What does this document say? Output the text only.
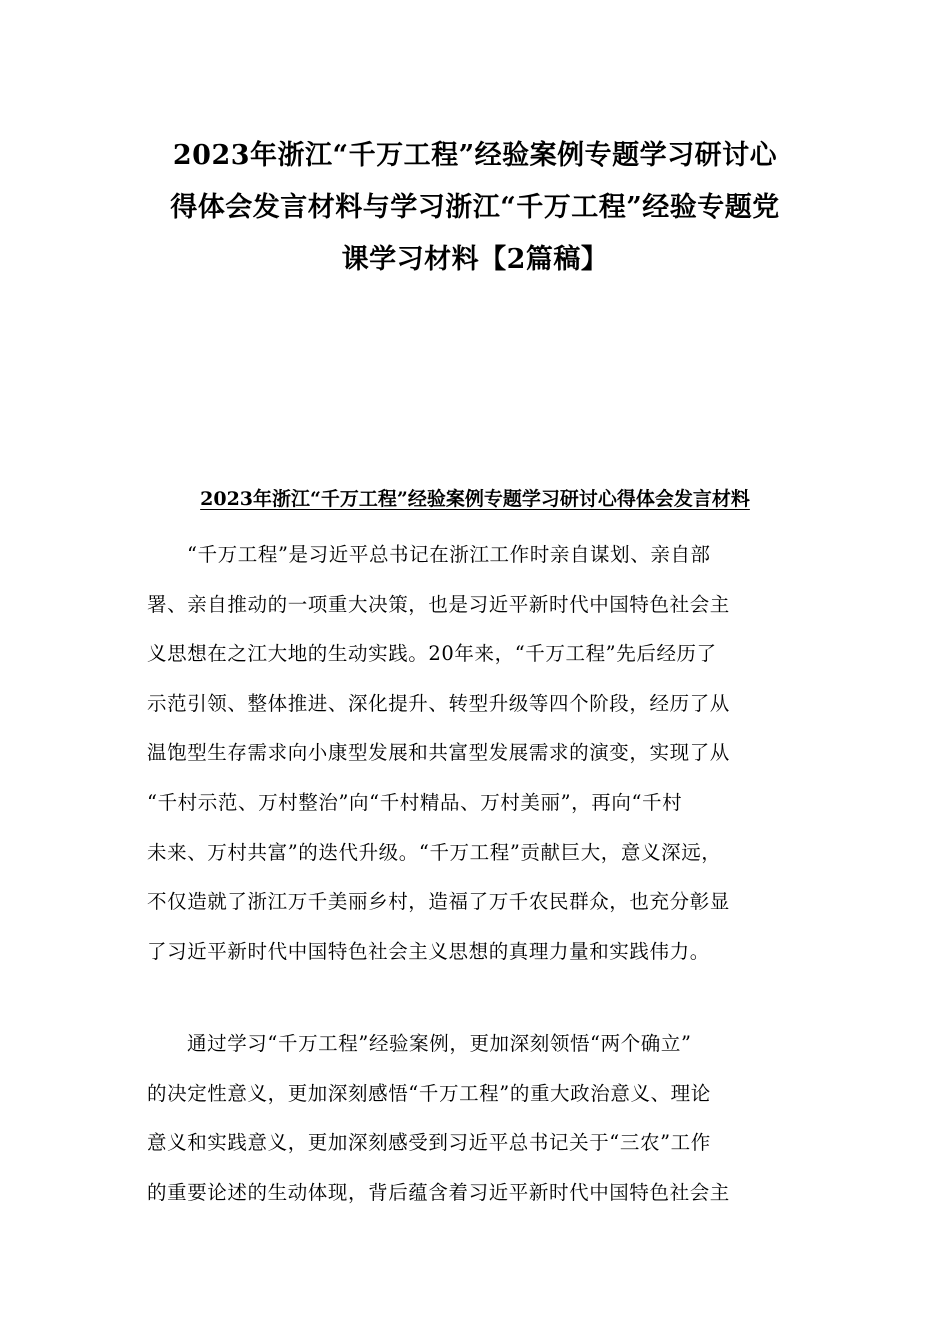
2023年浙江“千万工程”经验案例专题学习研讨心
得体会发言材料与学习浙江“千万工程”经验专题党
课学习材料【2篇稿】
2023年浙江“千万工程”经验案例专题学习研讨心得体会发言材料
“千万工程”是习近平总书记在浙江工作时亲自谋划、亲自部
署、亲自推动的一项重大决策，也是习近平新时代中国特色社会主
义思想在之江大地的生动实践。20年来，“千万工程”先后经历了
示范引领、整体推进、深化提升、转型升级等四个阶段，经历了从
温饱型生存需求向小康型发展和共富型发展需求的演变，实现了从
“千村示范、万村整治”向“千村精品、万村美丽”，再向“千村
未来、万村共富”的迭代升级。“千万工程”贡献巨大，意义深远，
不仅造就了浙江万千美丽乡村，造福了万千农民群众，也充分彰显
了习近平新时代中国特色社会主义思想的真理力量和实践伟力。
通过学习“千万工程”经验案例，更加深刻领悟“两个确立”
的决定性意义，更加深刻感悟“千万工程”的重大政治意义、理论
意义和实践意义，更加深刻感受到习近平总书记关于“三农”工作
的重要论述的生动体现，背后蕴含着习近平新时代中国特色社会主
